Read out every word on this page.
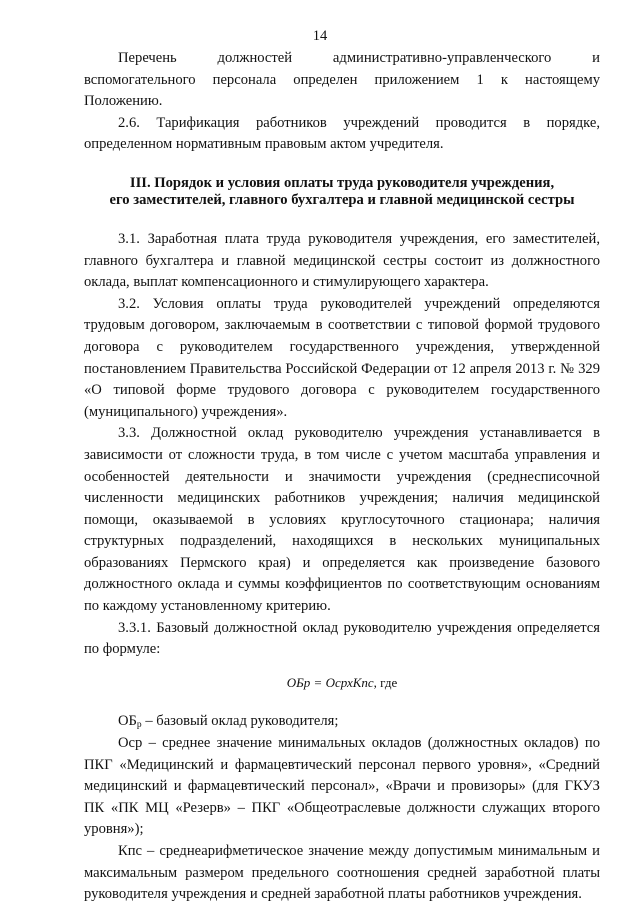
14

Перечень должностей административно-управленческого и вспомогательного персонала определен приложением 1 к настоящему Положению.

2.6. Тарификация работников учреждений проводится в порядке, определенном нормативным правовым актом учредителя.

III. Порядок и условия оплаты труда руководителя учреждения,
его заместителей, главного бухгалтера и главной медицинской сестры

3.1. Заработная плата труда руководителя учреждения, его заместителей, главного бухгалтера и главной медицинской сестры состоит из должностного оклада, выплат компенсационного и стимулирующего характера.

3.2. Условия оплаты труда руководителей учреждений определяются трудовым договором, заключаемым в соответствии с типовой формой трудового договора с руководителем государственного учреждения, утвержденной постановлением Правительства Российской Федерации от 12 апреля 2013 г. № 329 «О типовой форме трудового договора с руководителем государственного (муниципального) учреждения».

3.3. Должностной оклад руководителю учреждения устанавливается в зависимости от сложности труда, в том числе с учетом масштаба управления и особенностей деятельности и значимости учреждения (среднесписочной численности медицинских работников учреждения; наличия медицинской помощи, оказываемой в условиях круглосуточного стационара; наличия структурных подразделений, находящихся в нескольких муниципальных образованиях Пермского края) и определяется как произведение базового должностного оклада и суммы коэффициентов по соответствующим основаниям по каждому установленному критерию.

3.3.1. Базовый должностной оклад руководителю учреждения определяется по формуле:

ОБр = ОсрхКпс, где

$ОБ_р$ – базовый оклад руководителя;

Оср – среднее значение минимальных окладов (должностных окладов) по ПКГ «Медицинский и фармацевтический персонал первого уровня», «Средний медицинский и фармацевтический персонал», «Врачи и провизоры» (для ГКУЗ ПК «ПК МЦ «Резерв» – ПКГ «Общеотраслевые должности служащих второго уровня»);

Кпс – среднеарифметическое значение между допустимым минимальным и максимальным размером предельного соотношения средней заработной платы руководителя учреждения и средней заработной платы работников учреждения.
